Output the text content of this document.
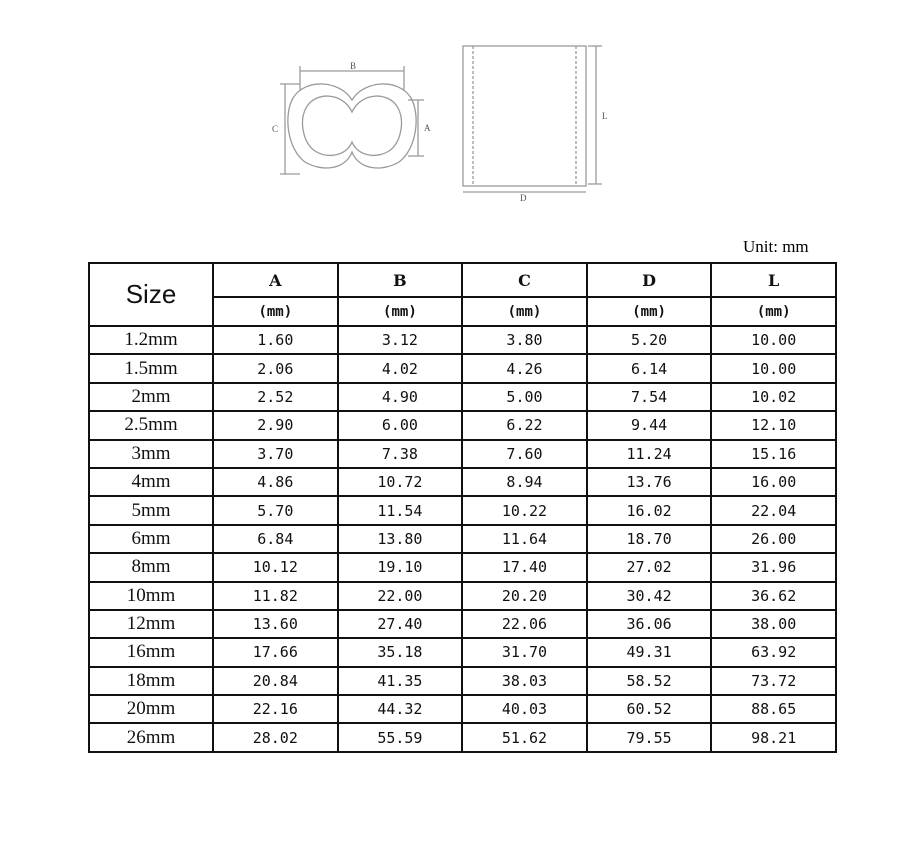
B
C	A
L
D
Unit: mm
Size	A	B	C	D	L
	(mm)	(mm)	(mm)	(mm)	(mm)
1.2mm	1.60	3.12	3.80	5.20	10.00
1.5mm	2.06	4.02	4.26	6.14	10.00
2mm	2.52	4.90	5.00	7.54	10.02
2.5mm	2.90	6.00	6.22	9.44	12.10
3mm	3.70	7.38	7.60	11.24	15.16
4mm	4.86	10.72	8.94	13.76	16.00
5mm	5.70	11.54	10.22	16.02	22.04
6mm	6.84	13.80	11.64	18.70	26.00
8mm	10.12	19.10	17.40	27.02	31.96
10mm	11.82	22.00	20.20	30.42	36.62
12mm	13.60	27.40	22.06	36.06	38.00
16mm	17.66	35.18	31.70	49.31	63.92
18mm	20.84	41.35	38.03	58.52	73.72
20mm	22.16	44.32	40.03	60.52	88.65
26mm	28.02	55.59	51.62	79.55	98.21
